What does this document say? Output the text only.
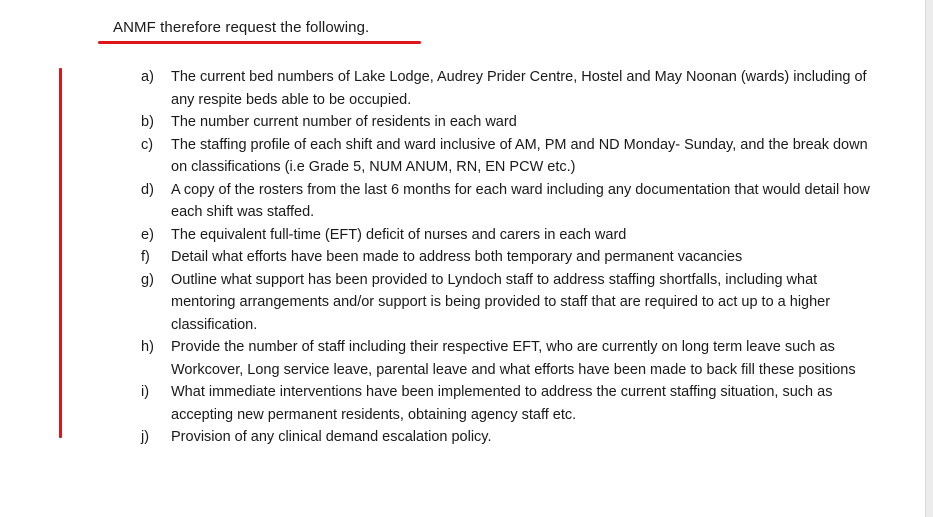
ANMF therefore request the following.
a)	The current bed numbers of Lake Lodge, Audrey Prider Centre, Hostel and May Noonan (wards) including of any respite beds able to be occupied.
b)	The number current number of residents in each ward
c)	The staffing profile of each shift and ward inclusive of AM, PM and ND Monday- Sunday, and the break down on classifications (i.e Grade 5, NUM ANUM, RN, EN PCW etc.)
d)	A copy of the rosters from the last 6 months for each ward including any documentation that would detail how each shift was staffed.
e)	The equivalent full-time (EFT) deficit of nurses and carers in each ward
f)	Detail what efforts have been made to address both temporary and permanent vacancies
g)	Outline what support has been provided to Lyndoch staff to address staffing shortfalls, including what mentoring arrangements and/or support is being provided to staff that are required to act up to a higher classification.
h)	Provide the number of staff including their respective EFT, who are currently on long term leave such as Workcover, Long service leave, parental leave and what efforts have been made to back fill these positions
i)	What immediate interventions have been implemented to address the current staffing situation, such as accepting new permanent residents, obtaining agency staff etc.
j)	Provision of any clinical demand escalation policy.
